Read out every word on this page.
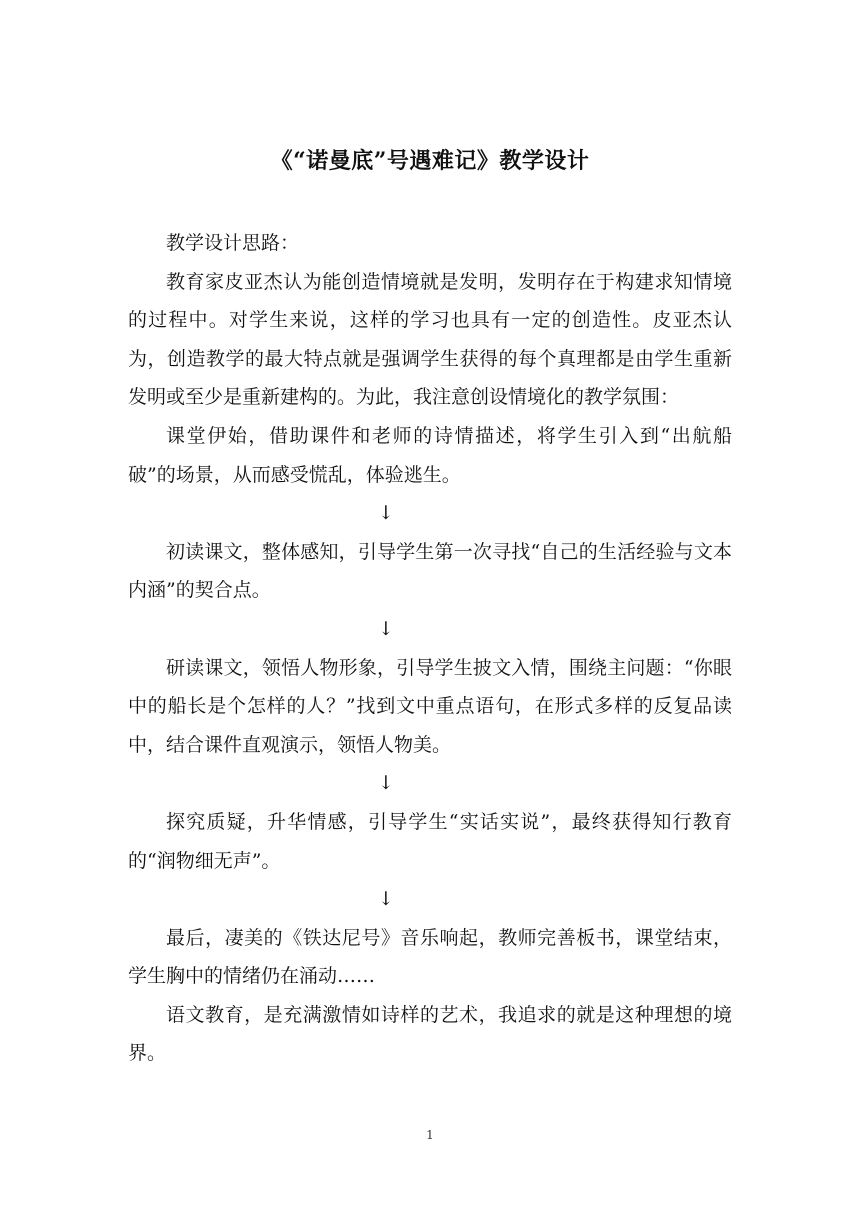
《“诺曼底”号遇难记》教学设计

教学设计思路：

教育家皮亚杰认为能创造情境就是发明，发明存在于构建求知情境的过程中。对学生来说，这样的学习也具有一定的创造性。皮亚杰认为，创造教学的最大特点就是强调学生获得的每个真理都是由学生重新发明或至少是重新建构的。为此，我注意创设情境化的教学氛围：

课堂伊始，借助课件和老师的诗情描述，将学生引入到“出航船破”的场景，从而感受慌乱，体验逃生。

↓

初读课文，整体感知，引导学生第一次寻找“自己的生活经验与文本内涵”的契合点。

↓

研读课文，领悟人物形象，引导学生披文入情，围绕主问题：“你眼中的船长是个怎样的人？”找到文中重点语句，在形式多样的反复品读中，结合课件直观演示，领悟人物美。

↓

探究质疑，升华情感，引导学生“实话实说”，最终获得知行教育的“润物细无声”。

↓

最后，凄美的《铁达尼号》音乐响起，教师完善板书，课堂结束，学生胸中的情绪仍在涌动……

语文教育，是充满激情如诗样的艺术，我追求的就是这种理想的境界。

1
